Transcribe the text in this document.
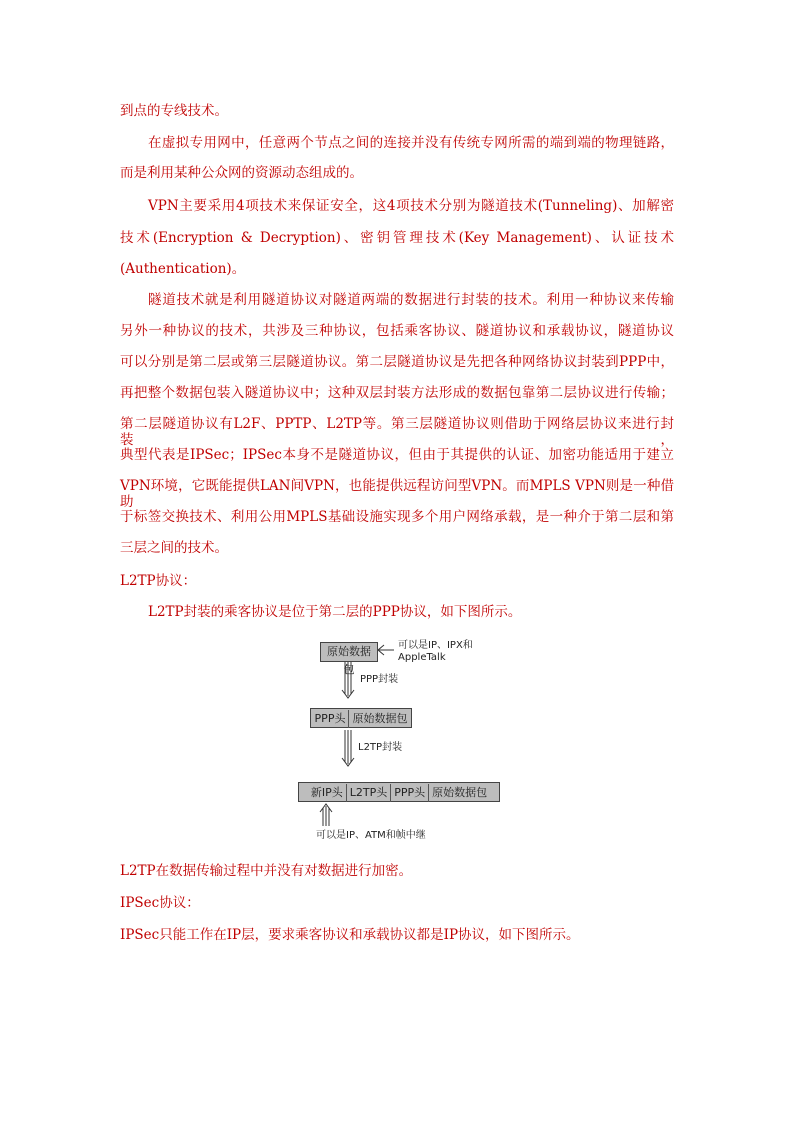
到点的专线技术。
在虚拟专用网中，任意两个节点之间的连接并没有传统专网所需的端到端的物理链路，
而是利用某种公众网的资源动态组成的。
VPN主要采用4项技术来保证安全，这4项技术分别为隧道技术(Tunneling)、加解密
技术(Encryption & Decryption)、密钥管理技术(Key Management)、认证技术
(Authentication)。
隧道技术就是利用隧道协议对隧道两端的数据进行封装的技术。利用一种协议来传输
另外一种协议的技术，共涉及三种协议，包括乘客协议、隧道协议和承载协议，隧道协议
可以分别是第二层或第三层隧道协议。第二层隧道协议是先把各种网络协议封装到PPP中，
再把整个数据包装入隧道协议中；这种双层封装方法形成的数据包靠第二层协议进行传输；
第二层隧道协议有L2F、PPTP、L2TP等。第三层隧道协议则借助于网络层协议来进行封装，
典型代表是IPSec；IPSec本身不是隧道协议，但由于其提供的认证、加密功能适用于建立
VPN环境，它既能提供LAN间VPN，也能提供远程访问型VPN。而MPLS VPN则是一种借助
于标签交换技术、利用公用MPLS基础设施实现多个用户网络承载，是一种介于第二层和第
三层之间的技术。
L2TP协议：
L2TP封装的乘客协议是位于第二层的PPP协议，如下图所示。
原始数据包
可以是IP、IPX和
AppleTalk
PPP封装
PPP头 原始数据包
L2TP封装
新IP头 L2TP头 PPP头 原始数据包
可以是IP、ATM和帧中继
L2TP在数据传输过程中并没有对数据进行加密。
IPSec协议：
IPSec只能工作在IP层，要求乘客协议和承载协议都是IP协议，如下图所示。
